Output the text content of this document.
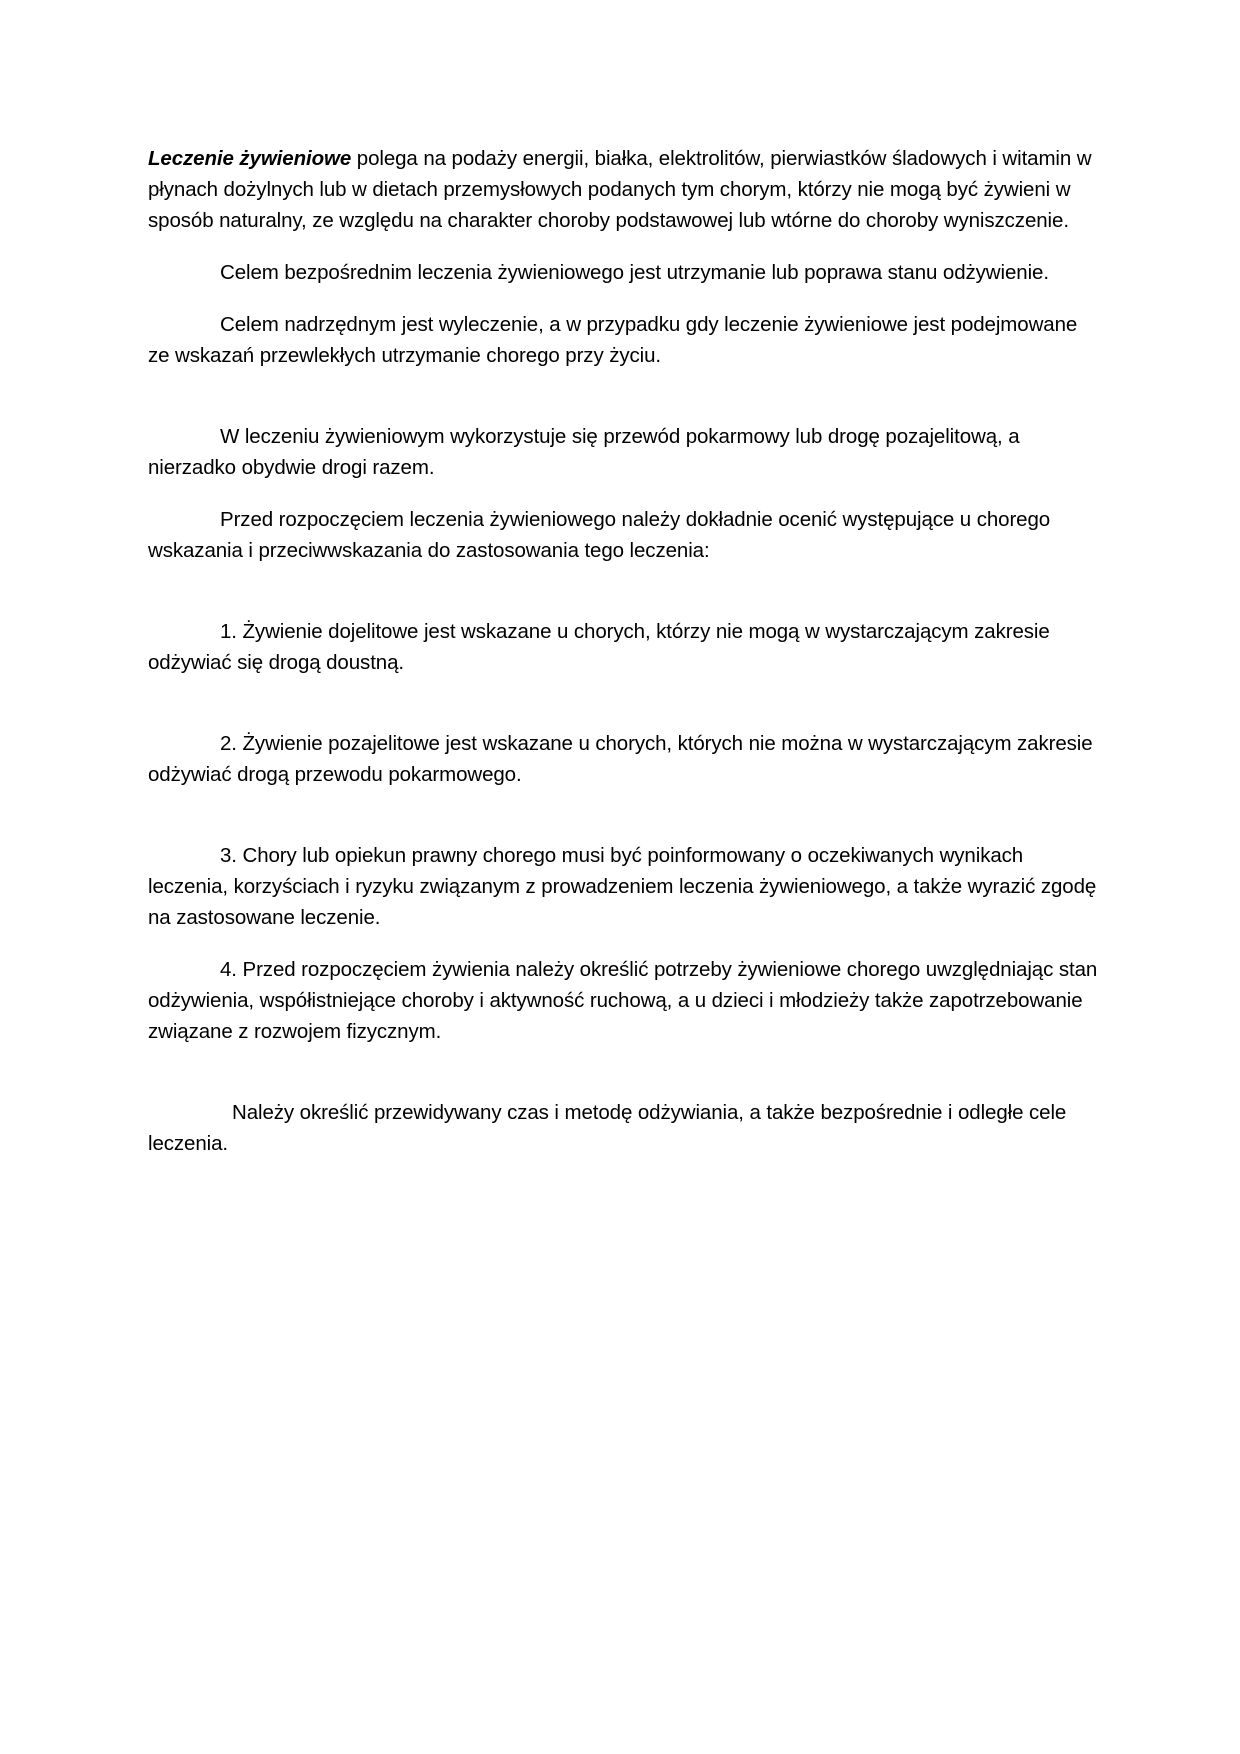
Leczenie żywieniowe polega na podaży energii, białka, elektrolitów, pierwiastków śladowych i witamin w płynach dożylnych lub w dietach przemysłowych podanych tym chorym, którzy nie mogą być żywieni w sposób naturalny, ze względu na charakter choroby podstawowej lub wtórne do choroby wyniszczenie.

Celem bezpośrednim leczenia żywieniowego jest utrzymanie lub poprawa stanu odżywienie.

Celem nadrzędnym jest wyleczenie, a w przypadku gdy leczenie żywieniowe jest podejmowane ze wskazań przewlekłych utrzymanie chorego przy życiu.

W leczeniu żywieniowym wykorzystuje się przewód pokarmowy lub drogę pozajelitową, a nierzadko obydwie drogi razem.

Przed rozpoczęciem leczenia żywieniowego należy dokładnie ocenić występujące u chorego wskazania i przeciwwskazania do zastosowania tego leczenia:

1. Żywienie dojelitowe jest wskazane u chorych, którzy nie mogą w wystarczającym zakresie odżywiać się drogą doustną.

2. Żywienie pozajelitowe jest wskazane u chorych, których nie można w wystarczającym zakresie odżywiać drogą przewodu pokarmowego.

3. Chory lub opiekun prawny chorego musi być poinformowany o oczekiwanych wynikach leczenia, korzyściach i ryzyku związanym z prowadzeniem leczenia żywieniowego, a także wyrazić zgodę na zastosowane leczenie.

4. Przed rozpoczęciem żywienia należy określić potrzeby żywieniowe chorego uwzględniając stan odżywienia, współistniejące choroby i aktywność ruchową, a u dzieci i młodzieży także zapotrzebowanie związane z rozwojem fizycznym.

Należy określić przewidywany czas i metodę odżywiania, a także bezpośrednie i odległe cele leczenia.
